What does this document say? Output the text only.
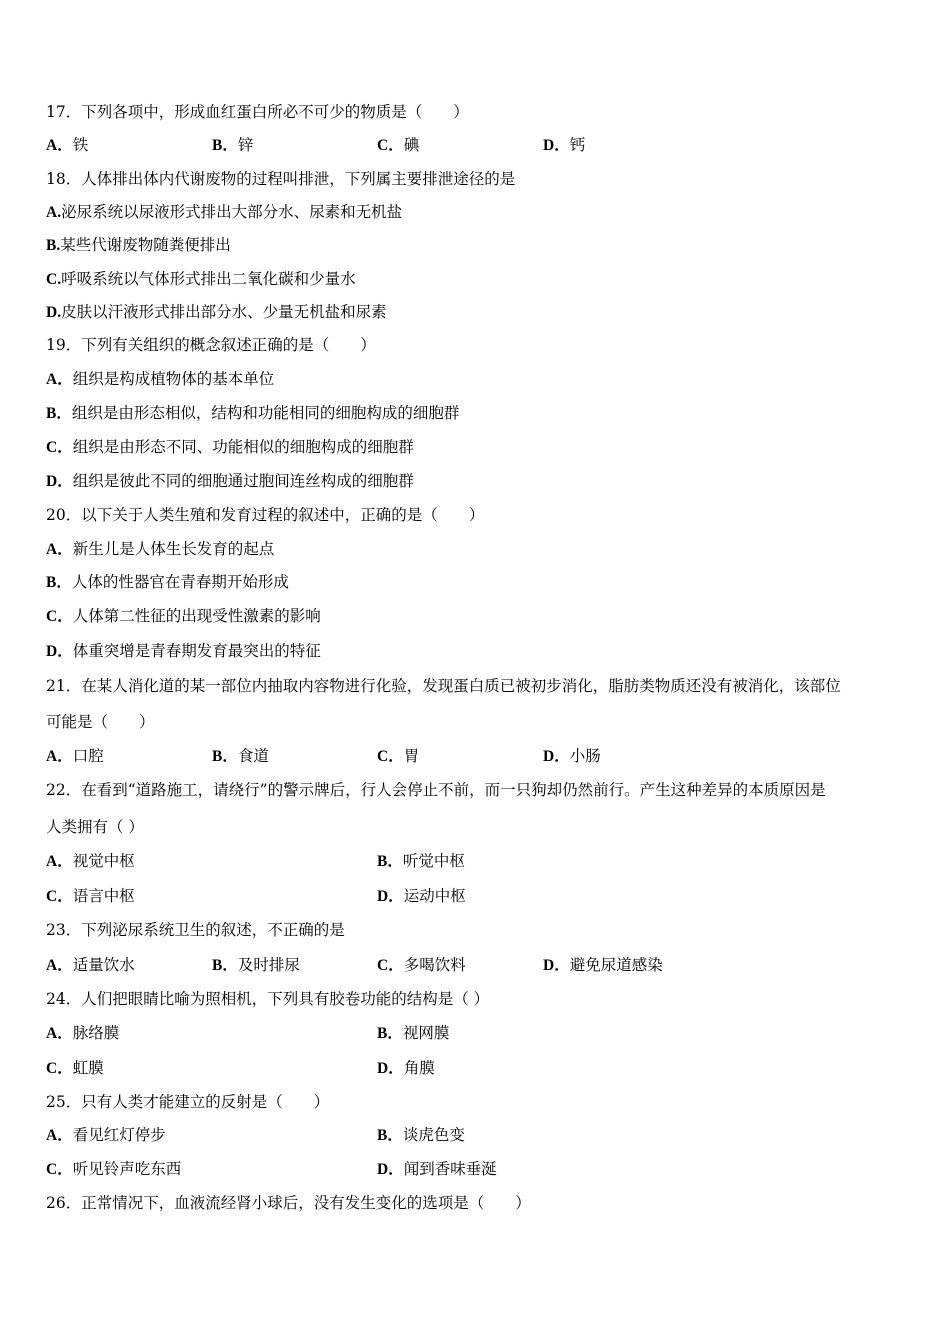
17．下列各项中，形成血红蛋白所必不可少的物质是（　　）
A．铁	B．锌	C．碘	D．钙
18．人体排出体内代谢废物的过程叫排泄，下列属主要排泄途径的是
A.泌尿系统以尿液形式排出大部分水、尿素和无机盐
B.某些代谢废物随粪便排出
C.呼吸系统以气体形式排出二氧化碳和少量水
D.皮肤以汗液形式排出部分水、少量无机盐和尿素
19．下列有关组织的概念叙述正确的是（　　）
A．组织是构成植物体的基本单位
B．组织是由形态相似，结构和功能相同的细胞构成的细胞群
C．组织是由形态不同、功能相似的细胞构成的细胞群
D．组织是彼此不同的细胞通过胞间连丝构成的细胞群
20．以下关于人类生殖和发育过程的叙述中，正确的是（　　）
A．新生儿是人体生长发育的起点
B．人体的性器官在青春期开始形成
C．人体第二性征的出现受性激素的影响
D．体重突增是青春期发育最突出的特征
21．在某人消化道的某一部位内抽取内容物进行化验，发现蛋白质已被初步消化，脂肪类物质还没有被消化，该部位
可能是（　　）
A．口腔	B．食道	C．胃	D．小肠
22．在看到“道路施工，请绕行”的警示牌后，行人会停止不前，而一只狗却仍然前行。产生这种差异的本质原因是
人类拥有（ ）
A．视觉中枢	B．听觉中枢
C．语言中枢	D．运动中枢
23．下列泌尿系统卫生的叙述，不正确的是
A．适量饮水	B．及时排尿	C．多喝饮料	D．避免尿道感染
24．人们把眼睛比喻为照相机，下列具有胶卷功能的结构是（ ）
A．脉络膜	B．视网膜
C．虹膜	D．角膜
25．只有人类才能建立的反射是（　　）
A．看见红灯停步	B．谈虎色变
C．听见铃声吃东西	D．闻到香味垂涎
26．正常情况下，血液流经肾小球后，没有发生变化的选项是（　　）
